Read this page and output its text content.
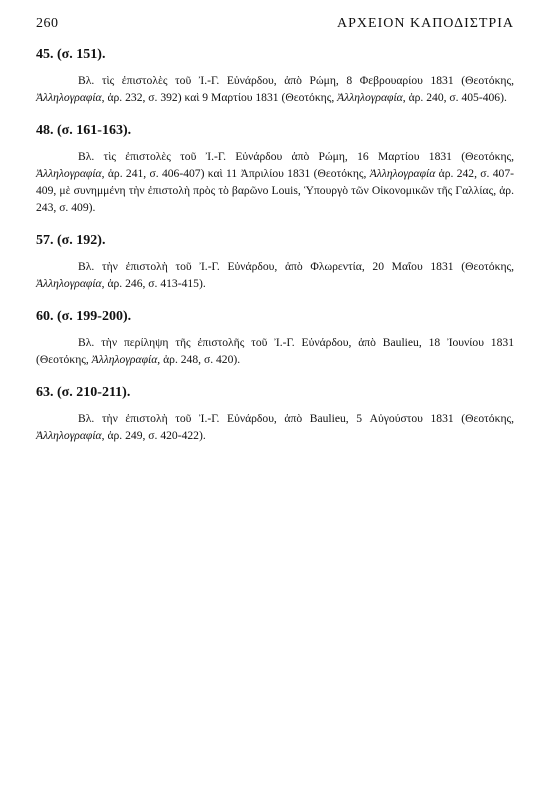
260	ΑΡΧΕΙΟΝ ΚΑΠΟΔΙΣΤΡΙΑ
45. (σ. 151).

Βλ. τὶς ἐπιστολὲς τοῦ Ἰ.-Γ. Εὐνάρδου, ἀπὸ Ρώμη, 8 Φεβρουαρίου 1831 (Θεοτόκης, Ἀλληλογραφία, ἀρ. 232, σ. 392) καὶ 9 Μαρτίου 1831 (Θεοτόκης, Ἀλληλογραφία, ἀρ. 240, σ. 405-406).

48. (σ. 161-163).

Βλ. τὶς ἐπιστολὲς τοῦ Ἰ.-Γ. Εὐνάρδου ἀπὸ Ρώμη, 16 Μαρτίου 1831 (Θεοτόκης, Ἀλληλογραφία, ἀρ. 241, σ. 406-407) καὶ 11 Ἀπριλίου 1831 (Θεοτόκης, Ἀλληλογραφία ἀρ. 242, σ. 407-409, μὲ συνημμένη τὴν ἐπιστολὴ πρὸς τὸ βαρῶνο Louis, Ὑπουργὸ τῶν Οἰκονομικῶν τῆς Γαλλίας, ἀρ. 243, σ. 409).

57. (σ. 192).

Βλ. τὴν ἐπιστολὴ τοῦ Ἰ.-Γ. Εὐνάρδου, ἀπὸ Φλωρεντία, 20 Μαΐου 1831 (Θεοτόκης, Ἀλληλογραφία, ἀρ. 246, σ. 413-415).

60. (σ. 199-200).

Βλ. τὴν περίληψη τῆς ἐπιστολῆς τοῦ Ἰ.-Γ. Εὐνάρδου, ἀπὸ Baulieu, 18 Ἰουνίου 1831 (Θεοτόκης, Ἀλληλογραφία, ἀρ. 248, σ. 420).

63. (σ. 210-211).

Βλ. τὴν ἐπιστολὴ τοῦ Ἰ.-Γ. Εὐνάρδου, ἀπὸ Baulieu, 5 Αὐγούστου 1831 (Θεοτόκης, Ἀλληλογραφία, ἀρ. 249, σ. 420-422).
